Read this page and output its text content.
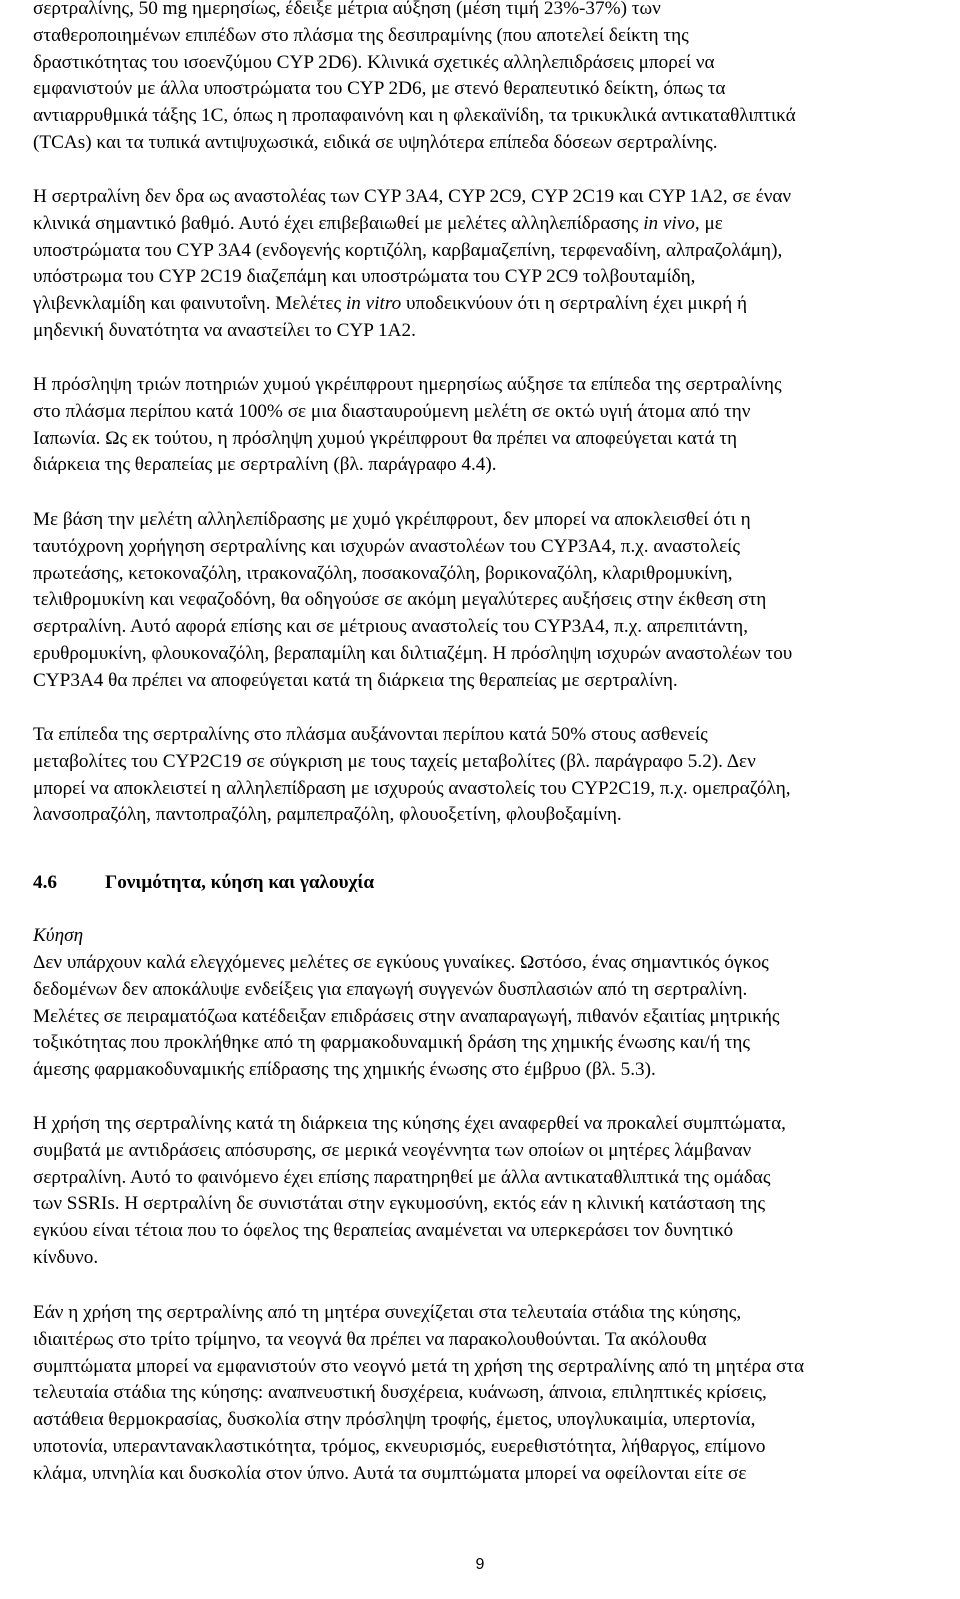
σερτραλίνης, 50 mg ημερησίως, έδειξε μέτρια αύξηση (μέση τιμή 23%-37%) των
σταθεροποιημένων επιπέδων στο πλάσμα της δεσιπραμίνης (που αποτελεί δείκτη της
δραστικότητας του ισοενζύμου CYP 2D6). Κλινικά σχετικές αλληλεπιδράσεις μπορεί να
εμφανιστούν με άλλα υποστρώματα του CYP 2D6, με στενό θεραπευτικό δείκτη, όπως τα
αντιαρρυθμικά τάξης 1C, όπως η προπαφαινόνη και η φλεκαϊνίδη, τα τρικυκλικά αντικαταθλιπτικά
(TCAs) και τα τυπικά αντιψυχωσικά, ειδικά σε υψηλότερα επίπεδα δόσεων σερτραλίνης.

Η σερτραλίνη δεν δρα ως αναστολέας των CYP 3A4, CYP 2C9, CYP 2C19 και CYP 1A2, σε έναν
κλινικά σημαντικό βαθμό. Αυτό έχει επιβεβαιωθεί με μελέτες αλληλεπίδρασης in vivo, με
υποστρώματα του CYP 3A4 (ενδογενής κορτιζόλη, καρβαμαζεπίνη, τερφεναδίνη, αλπραζολάμη),
υπόστρωμα του CYP 2C19 διαζεπάμη και υποστρώματα του CYP 2C9 τολβουταμίδη,
γλιβενκλαμίδη και φαινυτοΐνη. Μελέτες in vitro υποδεικνύουν ότι η σερτραλίνη έχει μικρή ή
μηδενική δυνατότητα να αναστείλει το CYP 1A2.

Η πρόσληψη τριών ποτηριών χυμού γκρέιπφρουτ ημερησίως αύξησε τα επίπεδα της σερτραλίνης
στο πλάσμα περίπου κατά 100% σε μια διασταυρούμενη μελέτη σε οκτώ υγιή άτομα από την
Ιαπωνία. Ως εκ τούτου, η πρόσληψη χυμού γκρέιπφρουτ θα πρέπει να αποφεύγεται κατά τη
διάρκεια της θεραπείας με σερτραλίνη (βλ. παράγραφο 4.4).

Με βάση την μελέτη αλληλεπίδρασης με χυμό γκρέιπφρουτ, δεν μπορεί να αποκλεισθεί ότι η
ταυτόχρονη χορήγηση σερτραλίνης και ισχυρών αναστολέων του CYP3A4, π.χ. αναστολείς
πρωτεάσης, κετοκοναζόλη, ιτρακοναζόλη, ποσακοναζόλη, βορικοναζόλη, κλαριθρομυκίνη,
τελιθρομυκίνη και νεφαζοδόνη, θα οδηγούσε σε ακόμη μεγαλύτερες αυξήσεις στην έκθεση στη
σερτραλίνη. Αυτό αφορά επίσης και σε μέτριους αναστολείς του CYP3A4, π.χ. απρεπιτάντη,
ερυθρομυκίνη, φλουκοναζόλη, βεραπαμίλη και διλτιαζέμη. Η πρόσληψη ισχυρών αναστολέων του
CYP3A4 θα πρέπει να αποφεύγεται κατά τη διάρκεια της θεραπείας με σερτραλίνη.

Τα επίπεδα της σερτραλίνης στο πλάσμα αυξάνονται περίπου κατά 50% στους ασθενείς
μεταβολίτες του CYP2C19 σε σύγκριση με τους ταχείς μεταβολίτες (βλ. παράγραφο 5.2). Δεν
μπορεί να αποκλειστεί η αλληλεπίδραση με ισχυρούς αναστολείς του CYP2C19, π.χ. ομεπραζόλη,
λανσοπραζόλη, παντοπραζόλη, ραμπεπραζόλη, φλουοξετίνη, φλουβοξαμίνη.

4.6	Γονιμότητα, κύηση και γαλουχία
Κύηση

Δεν υπάρχουν καλά ελεγχόμενες μελέτες σε εγκύους γυναίκες. Ωστόσο, ένας σημαντικός όγκος
δεδομένων δεν αποκάλυψε ενδείξεις για επαγωγή συγγενών δυσπλασιών από τη σερτραλίνη.
Μελέτες σε πειραματόζωα κατέδειξαν επιδράσεις στην αναπαραγωγή, πιθανόν εξαιτίας μητρικής
τοξικότητας που προκλήθηκε από τη φαρμακοδυναμική δράση της χημικής ένωσης και/ή της
άμεσης φαρμακοδυναμικής επίδρασης της χημικής ένωσης στο έμβρυο (βλ. 5.3).

Η χρήση της σερτραλίνης κατά τη διάρκεια της κύησης έχει αναφερθεί να προκαλεί συμπτώματα,
συμβατά με αντιδράσεις απόσυρσης, σε μερικά νεογέννητα των οποίων οι μητέρες λάμβαναν
σερτραλίνη. Αυτό το φαινόμενο έχει επίσης παρατηρηθεί με άλλα αντικαταθλιπτικά της ομάδας
των SSRIs. Η σερτραλίνη δε συνιστάται στην εγκυμοσύνη, εκτός εάν η κλινική κατάσταση της
εγκύου είναι τέτοια που το όφελος της θεραπείας αναμένεται να υπερκεράσει τον δυνητικό
κίνδυνο.

Εάν η χρήση της σερτραλίνης από τη μητέρα συνεχίζεται στα τελευταία στάδια της κύησης,
ιδιαιτέρως στο τρίτο τρίμηνο, τα νεογνά θα πρέπει να παρακολουθούνται. Τα ακόλουθα
συμπτώματα μπορεί να εμφανιστούν στο νεογνό μετά τη χρήση της σερτραλίνης από τη μητέρα στα
τελευταία στάδια της κύησης: αναπνευστική δυσχέρεια, κυάνωση, άπνοια, επιληπτικές κρίσεις,
αστάθεια θερμοκρασίας, δυσκολία στην πρόσληψη τροφής, έμετος, υπογλυκαιμία, υπερτονία,
υποτονία, υπεραντανακλαστικότητα, τρόμος, εκνευρισμός, ευερεθιστότητα, λήθαργος, επίμονο
κλάμα, υπνηλία και δυσκολία στον ύπνο. Αυτά τα συμπτώματα μπορεί να οφείλονται είτε σε

9
